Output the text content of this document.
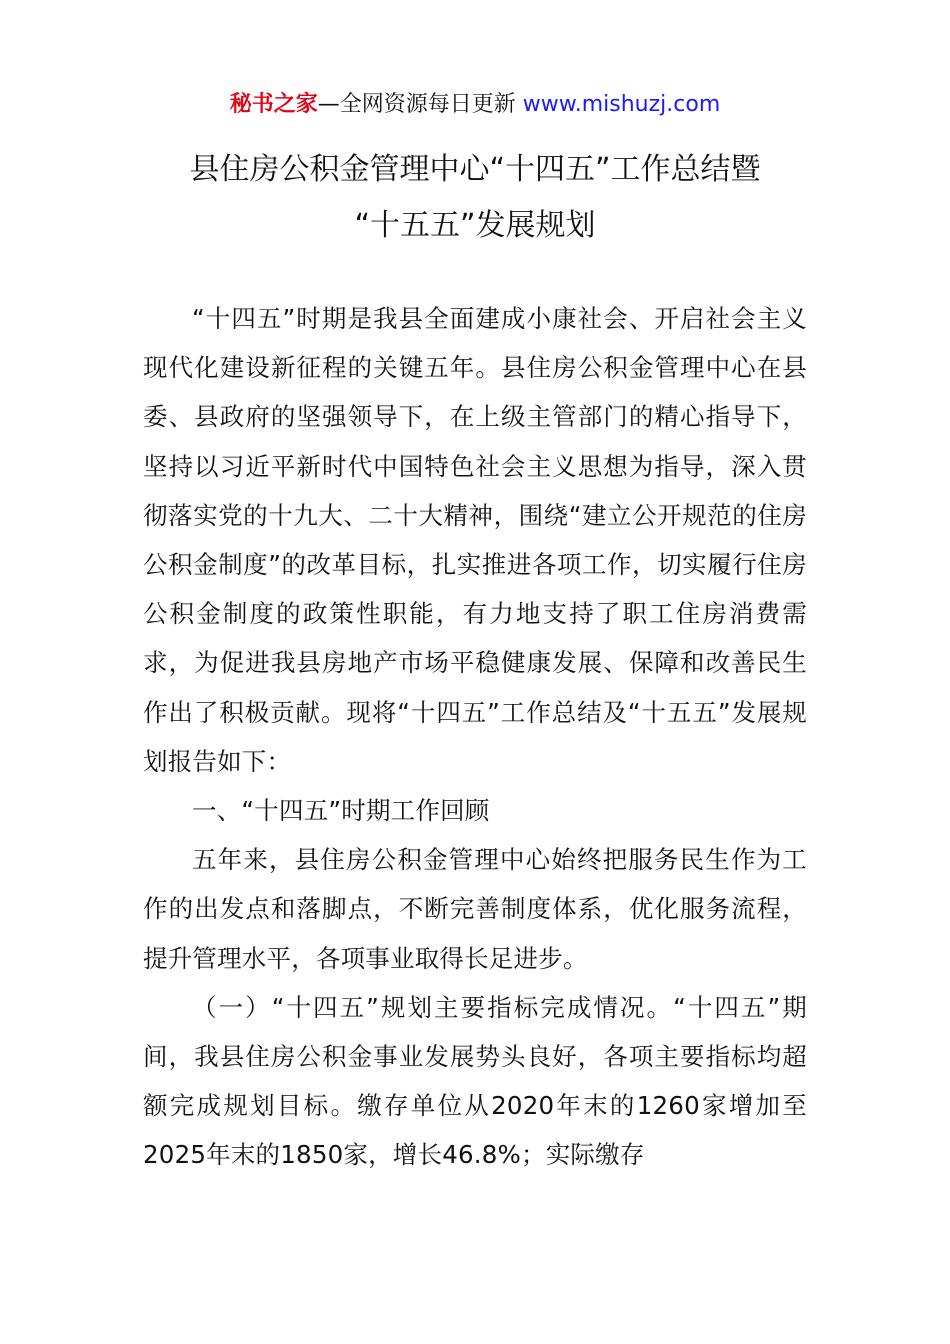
秘书之家—全网资源每日更新 www.mishuzj.com
县住房公积金管理中心“十四五”工作总结暨
“十五五”发展规划

“十四五”时期是我县全面建成小康社会、开启社会主义现代化建设新征程的关键五年。县住房公积金管理中心在县委、县政府的坚强领导下，在上级主管部门的精心指导下，坚持以习近平新时代中国特色社会主义思想为指导，深入贯彻落实党的十九大、二十大精神，围绕“建立公开规范的住房公积金制度”的改革目标，扎实推进各项工作，切实履行住房公积金制度的政策性职能，有力地支持了职工住房消费需求，为促进我县房地产市场平稳健康发展、保障和改善民生作出了积极贡献。现将“十四五”工作总结及“十五五”发展规划报告如下：

一、“十四五”时期工作回顾

五年来，县住房公积金管理中心始终把服务民生作为工作的出发点和落脚点，不断完善制度体系，优化服务流程，提升管理水平，各项事业取得长足进步。

（一）“十四五”规划主要指标完成情况。“十四五”期间，我县住房公积金事业发展势头良好，各项主要指标均超额完成规划目标。缴存单位从2020年末的1260家增加至2025年末的1850家，增长46.8%；实际缴存
